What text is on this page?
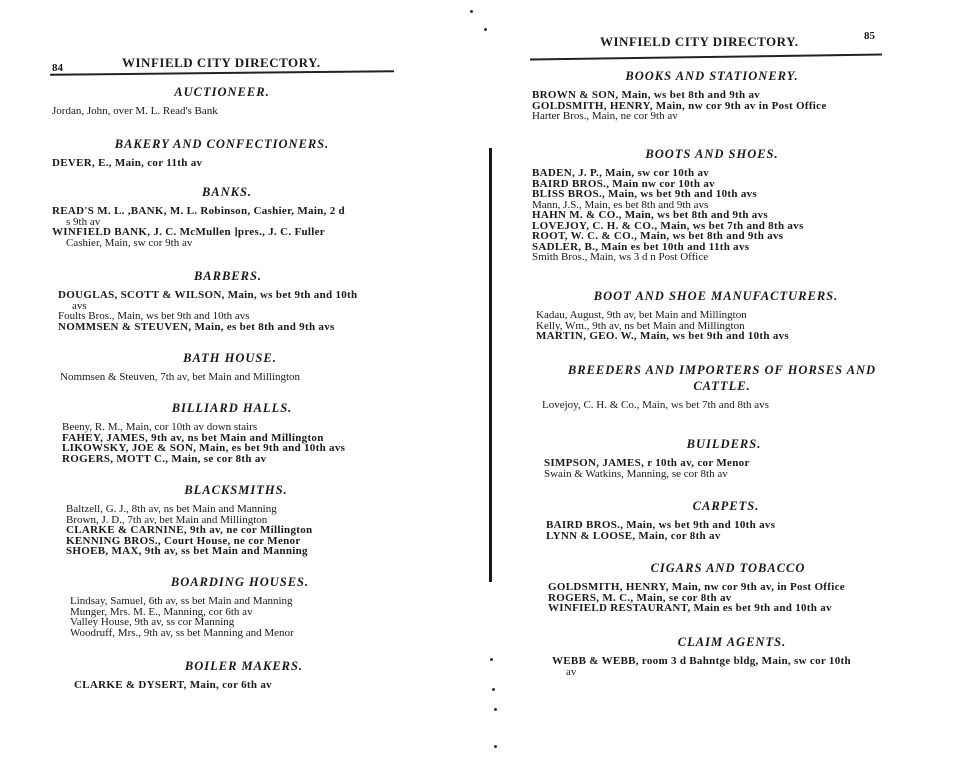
84	WINFIELD CITY DIRECTORY.
AUCTIONEER.
Jordan, John, over M. L. Read's Bank
BAKERY AND CONFECTIONERS.
DEVER, E., Main, cor 11th av
BANKS.
READ'S M. L. ,BANK, M. L. Robinson, Cashier, Main, 2 d
s 9th av
WINFIELD BANK, J. C. McMullen ]pres., J. C. Fuller
Cashier, Main, sw cor 9th av
BARBERS.
DOUGLAS, SCOTT & WILSON, Main, ws bet 9th and 10th
avs
Foults Bros., Main, ws bet 9th and 10th avs
NOMMSEN & STEUVEN, Main, es bet 8th and 9th avs
BATH HOUSE.
Nommsen & Steuven, 7th av, bet Main and Millington
BILLIARD HALLS.
Beeny, R. M., Main, cor 10th av down stairs
FAHEY, JAMES, 9th av, ns bet Main and Millington
LIKOWSKY, JOE & SON, Main, es bet 9th and 10th avs
ROGERS, MOTT C., Main, se cor 8th av
BLACKSMITHS.
Baltzell, G. J., 8th av, ns bet Main and Manning
Brown, J. D., 7th av, bet Main and Millington
CLARKE & CARNINE, 9th av, ne cor Millington
KENNING BROS., Court House, ne cor Menor
SHOEB, MAX, 9th av, ss bet Main and Manning
BOARDING HOUSES.
Lindsay, Samuel, 6th av, ss bet Main and Manning
Munger, Mrs. M. E., Manning, cor 6th av
Valley House, 9th av, ss cor Manning
Woodruff, Mrs., 9th av, ss bet Manning and Menor
BOILER MAKERS.
CLARKE & DYSERT, Main, cor 6th av
WINFIELD CITY DIRECTORY.	85
BOOKS AND STATIONERY.
BROWN & SON, Main, ws bet 8th and 9th av
GOLDSMITH, HENRY, Main, nw cor 9th av in Post Office
Harter Bros., Main, ne cor 9th av
BOOTS AND SHOES.
BADEN, J. P., Main, sw cor 10th av
BAIRD BROS., Main nw cor 10th av
BLISS BROS., Main, ws bet 9th and 10th avs
Mann, J.S., Main, es bet 8th and 9th avs
HAHN M. & CO., Main, ws bet 8th and 9th avs
LOVEJOY, C. H. & CO., Main, ws bet 7th and 8th avs
ROOT, W. C. & CO., Main, ws bet 8th and 9th avs
SADLER, B., Main es bet 10th and 11th avs
Smith Bros., Main, ws 3 d n Post Office
BOOT AND SHOE MANUFACTURERS.
Kadau, August, 9th av, bet Main and Millington
Kelly, Wm., 9th av, ns bet Main and Millington
MARTIN, GEO. W., Main, ws bet 9th and 10th avs
BREEDERS AND IMPORTERS OF HORSES AND
CATTLE.
Lovejoy, C. H. & Co., Main, ws bet 7th and 8th avs
BUILDERS.
SIMPSON, JAMES, r 10th av, cor Menor
Swain & Watkins, Manning, se cor 8th av
CARPETS.
BAIRD BROS., Main, ws bet 9th and 10th avs
LYNN & LOOSE, Main, cor 8th av
CIGARS AND TOBACCO
GOLDSMITH, HENRY, Main, nw cor 9th av, in Post Office
ROGERS, M. C., Main, se cor 8th av
WINFIELD RESTAURANT, Main es bet 9th and 10th av
CLAIM AGENTS.
WEBB & WEBB, room 3 d Bahntge bldg, Main, sw cor 10th
av
